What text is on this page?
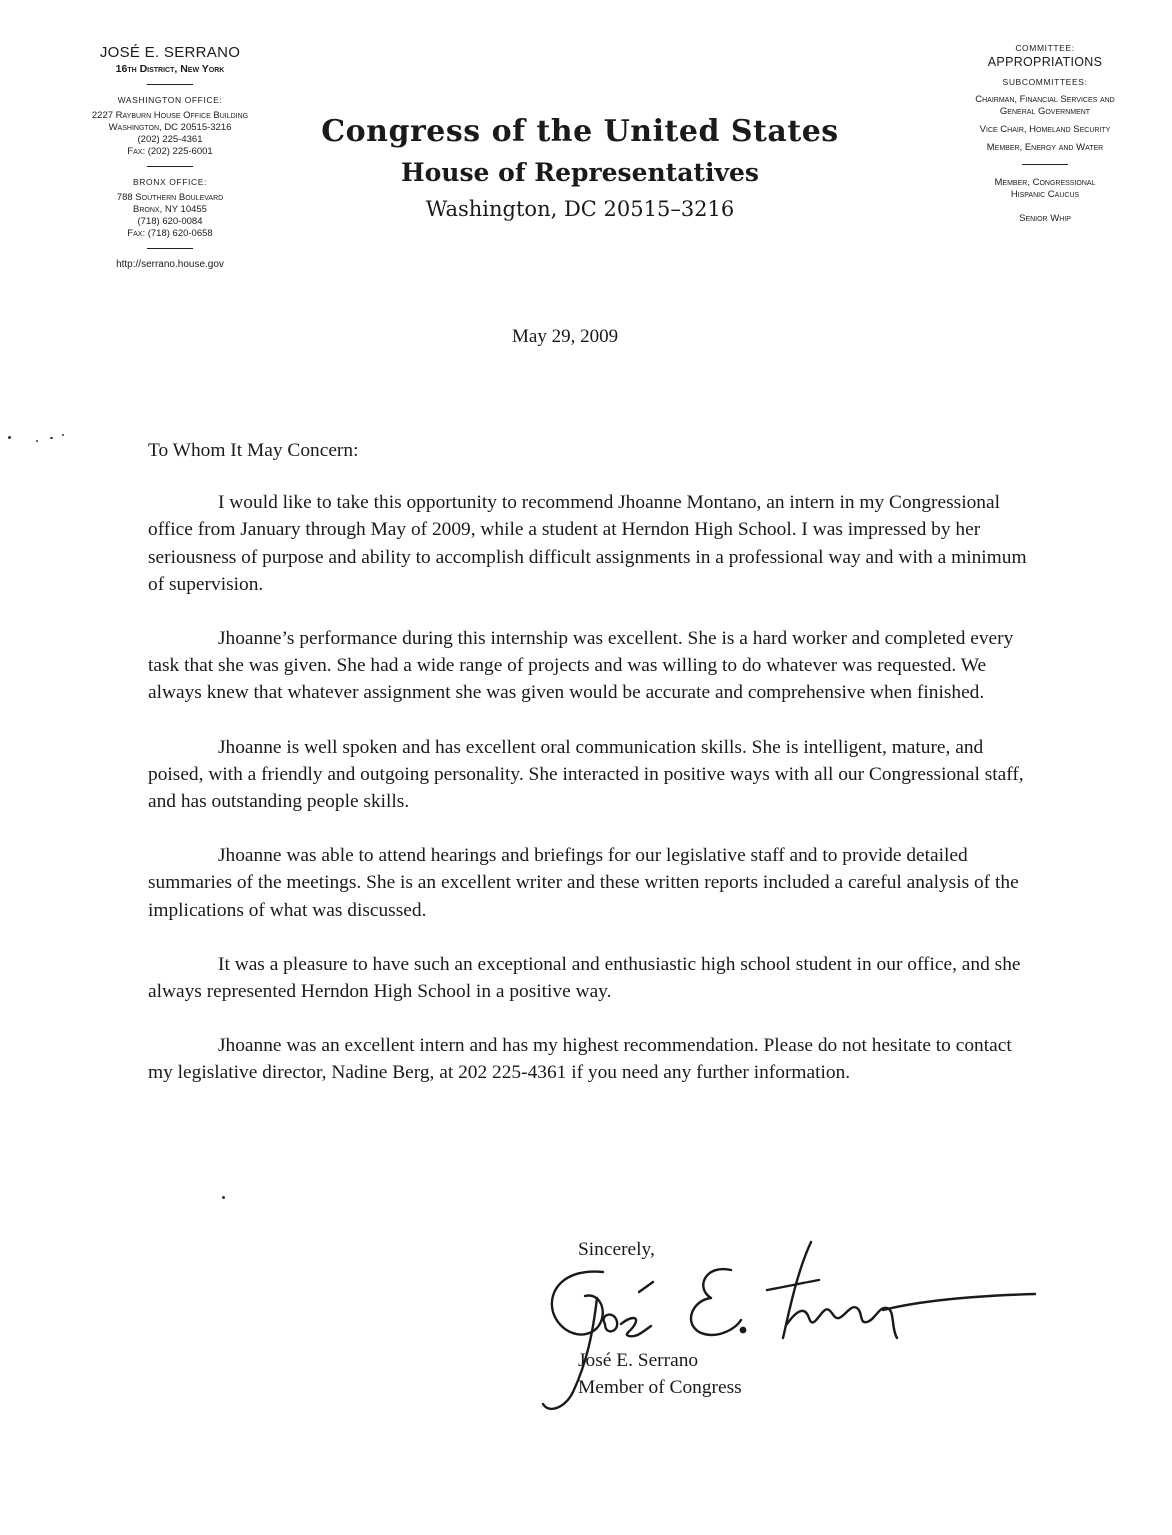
JOSÉ E. SERRANO
16th District, New York
WASHINGTON OFFICE:
2227 Rayburn House Office Building
Washington, DC 20515-3216
(202) 225-4361
Fax: (202) 225-6001
BRONX OFFICE:
788 Southern Boulevard
Bronx, NY 10455
(718) 620-0084
Fax: (718) 620-0658
http://serrano.house.gov
Congress of the United States
House of Representatives
Washington, DC 20515–3216
COMMITTEE:
APPROPRIATIONS
SUBCOMMITTEES:
Chairman, Financial Services and
General Government
Vice Chair, Homeland Security
Member, Energy and Water
Member, Congressional
Hispanic Caucus
Senior Whip
May 29, 2009

To Whom It May Concern:

I would like to take this opportunity to recommend Jhoanne Montano, an intern in my Congressional office from January through May of 2009, while a student at Herndon High School. I was impressed by her seriousness of purpose and ability to accomplish difficult assignments in a professional way and with a minimum of supervision.

Jhoanne’s performance during this internship was excellent. She is a hard worker and completed every task that she was given. She had a wide range of projects and was willing to do whatever was requested. We always knew that whatever assignment she was given would be accurate and comprehensive when finished.

Jhoanne is well spoken and has excellent oral communication skills. She is intelligent, mature, and poised, with a friendly and outgoing personality. She interacted in positive ways with all our Congressional staff, and has outstanding people skills.

Jhoanne was able to attend hearings and briefings for our legislative staff and to provide detailed summaries of the meetings. She is an excellent writer and these written reports included a careful analysis of the implications of what was discussed.

It was a pleasure to have such an exceptional and enthusiastic high school student in our office, and she always represented Herndon High School in a positive way.

Jhoanne was an excellent intern and has my highest recommendation. Please do not hesitate to contact my legislative director, Nadine Berg, at 202 225-4361 if you need any further information.

Sincerely,
José E. Serrano
Member of Congress
